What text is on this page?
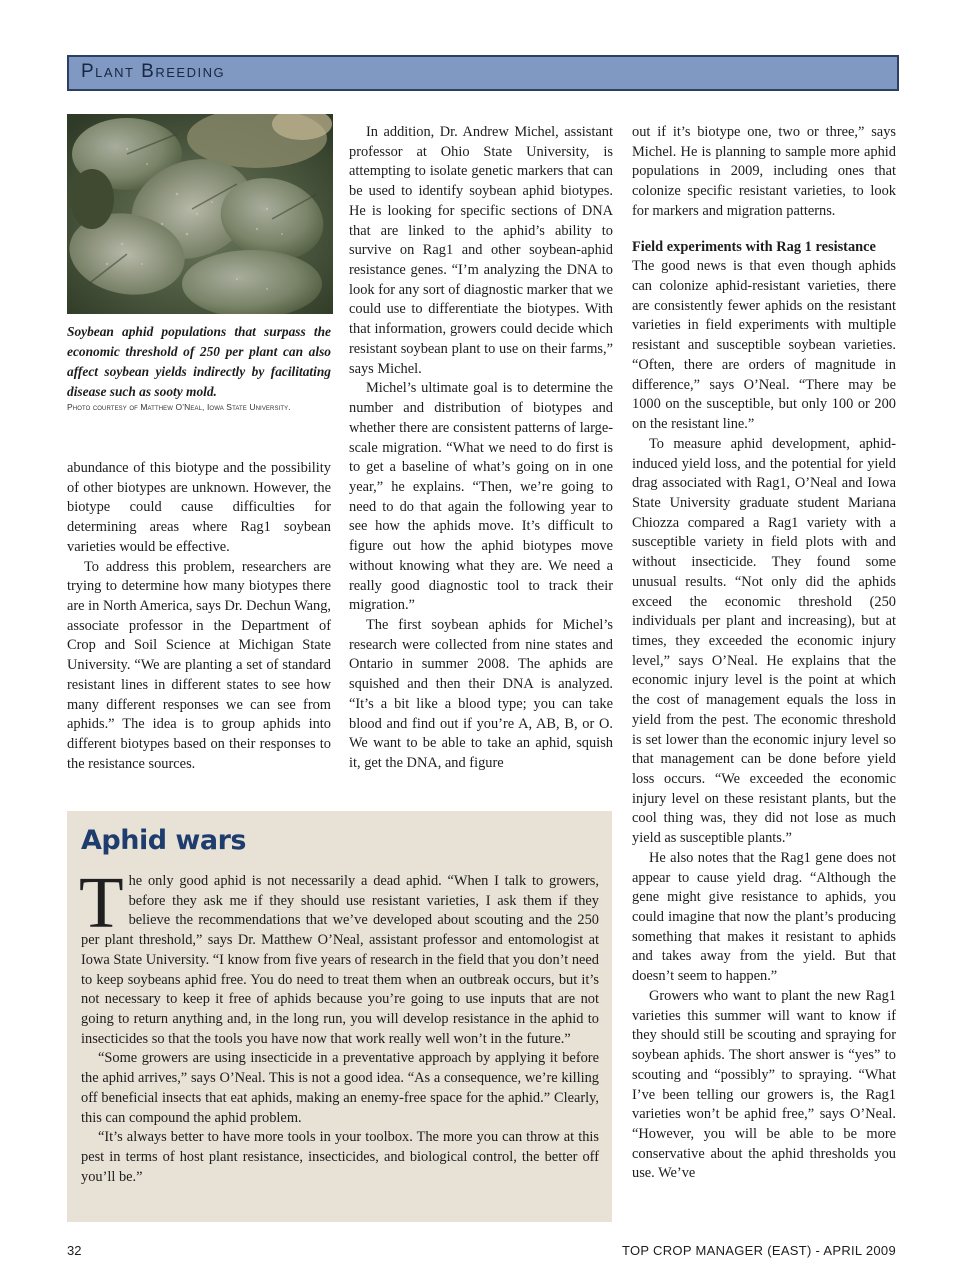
Plant Breeding

Soybean aphid populations that surpass the economic threshold of 250 per plant can also affect soybean yields indirectly by facilitating disease such as sooty mold.

Photo courtesy of Matthew O’Neal, Iowa State University.

abundance of this biotype and the possibility of other biotypes are unknown. However, the biotype could cause difficulties for determining areas where Rag1 soybean varieties would be effective.

To address this problem, researchers are trying to determine how many biotypes there are in North America, says Dr. Dechun Wang, associate professor in the Department of Crop and Soil Science at Michigan State University. “We are planting a set of standard resistant lines in different states to see how many different responses we can see from aphids.” The idea is to group aphids into different biotypes based on their responses to the resistance sources.

In addition, Dr. Andrew Michel, assistant professor at Ohio State University, is attempting to isolate genetic markers that can be used to identify soybean aphid biotypes. He is looking for specific sections of DNA that are linked to the aphid’s ability to survive on Rag1 and other soybean-aphid resistance genes. “I’m analyzing the DNA to look for any sort of diagnostic marker that we could use to differentiate the biotypes. With that information, growers could decide which resistant soybean plant to use on their farms,” says Michel.

Michel’s ultimate goal is to determine the number and distribution of biotypes and whether there are consistent patterns of large-scale migration. “What we need to do first is to get a baseline of what’s going on in one year,” he explains. “Then, we’re going to need to do that again the following year to see how the aphids move. It’s difficult to figure out how the aphid biotypes move without knowing what they are. We need a really good diagnostic tool to track their migration.”

The first soybean aphids for Michel’s research were collected from nine states and Ontario in summer 2008. The aphids are squished and then their DNA is analyzed. “It’s a bit like a blood type; you can take blood and find out if you’re A, AB, B, or O. We want to be able to take an aphid, squish it, get the DNA, and figure

out if it’s biotype one, two or three,” says Michel. He is planning to sample more aphid populations in 2009, including ones that colonize specific resistant varieties, to look for markers and migration patterns.

Field experiments with Rag 1 resistance

The good news is that even though aphids can colonize aphid-resistant varieties, there are consistently fewer aphids on the resistant varieties in field experiments with multiple resistant and susceptible soybean varieties. “Often, there are orders of magnitude in difference,” says O’Neal. “There may be 1000 on the susceptible, but only 100 or 200 on the resistant line.”

To measure aphid development, aphid-induced yield loss, and the potential for yield drag associated with Rag1, O’Neal and Iowa State University graduate student Mariana Chiozza compared a Rag1 variety with a susceptible variety in field plots with and without insecticide. They found some unusual results. “Not only did the aphids exceed the economic threshold (250 individuals per plant and increasing), but at times, they exceeded the economic injury level,” says O’Neal. He explains that the economic injury level is the point at which the cost of management equals the loss in yield from the pest. The economic threshold is set lower than the economic injury level so that management can be done before yield loss occurs. “We exceeded the economic injury level on these resistant plants, but the cool thing was, they did not lose as much yield as susceptible plants.”

He also notes that the Rag1 gene does not appear to cause yield drag. “Although the gene might give resistance to aphids, you could imagine that now the plant’s producing something that makes it resistant to aphids and takes away from the yield. But that doesn’t seem to happen.”

Growers who want to plant the new Rag1 varieties this summer will want to know if they should still be scouting and spraying for soybean aphids. The short answer is “yes” to scouting and “possibly” to spraying. “What I’ve been telling our growers is, the Rag1 varieties won’t be aphid free,” says O’Neal. “However, you will be able to be more conservative about the aphid thresholds you use. We’ve

Aphid wars

The only good aphid is not necessarily a dead aphid. “When I talk to growers, before they ask me if they should use resistant varieties, I ask them if they believe the recommendations that we’ve developed about scouting and the 250 per plant threshold,” says Dr. Matthew O’Neal, assistant professor and entomologist at Iowa State University. “I know from five years of research in the field that you don’t need to keep soybeans aphid free. You do need to treat them when an outbreak occurs, but it’s not necessary to keep it free of aphids because you’re going to use inputs that are not going to return anything and, in the long run, you will develop resistance in the aphid to insecticides so that the tools you have now that work really well won’t in the future.”

“Some growers are using insecticide in a preventative approach by applying it before the aphid arrives,” says O’Neal. This is not a good idea. “As a consequence, we’re killing off beneficial insects that eat aphids, making an enemy-free space for the aphid.” Clearly, this can compound the aphid problem.

“It’s always better to have more tools in your toolbox. The more you can throw at this pest in terms of host plant resistance, insecticides, and biological control, the better off you’ll be.”

32	TOP CROP MANAGER (EAST) - APRIL 2009
